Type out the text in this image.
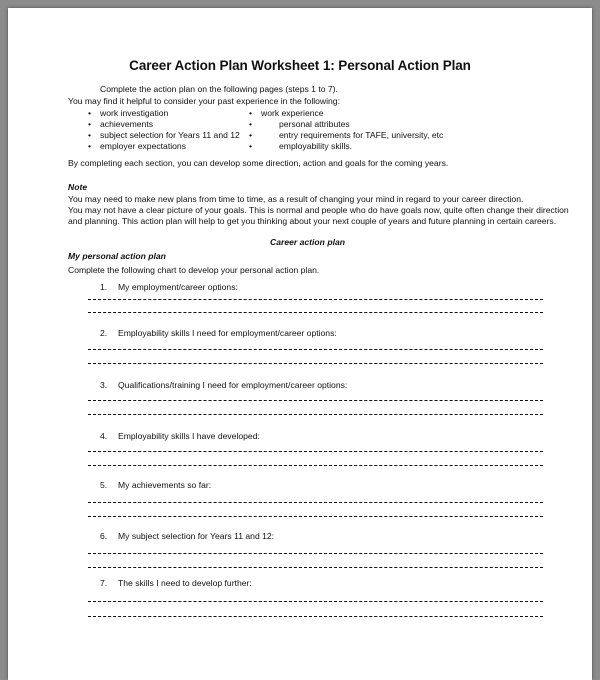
Career Action Plan Worksheet 1: Personal Action Plan
Complete the action plan on the following pages (steps 1 to 7).
You may find it helpful to consider your past experience in the following:
• work investigation
• achievements
• subject selection for Years 11 and 12
• employer expectations
• work experience
•	personal attributes
•	entry requirements for TAFE, university, etc
•	employability skills.
By completing each section, you can develop some direction, action and goals for the coming years.
Note
You may need to make new plans from time to time, as a result of changing your mind in regard to your career direction.
You may not have a clear picture of your goals. This is normal and people who do have goals now, quite often change their direction
and planning. This action plan will help to get you thinking about your next couple of years and future planning in certain careers.
Career action plan
My personal action plan
Complete the following chart to develop your personal action plan.
1. My employment/career options:
2. Employability skills I need for employment/career options:
3. Qualifications/training I need for employment/career options:
4. Employability skills I have developed:
5. My achievements so far:
6. My subject selection for Years 11 and 12:
7. The skills I need to develop further:
